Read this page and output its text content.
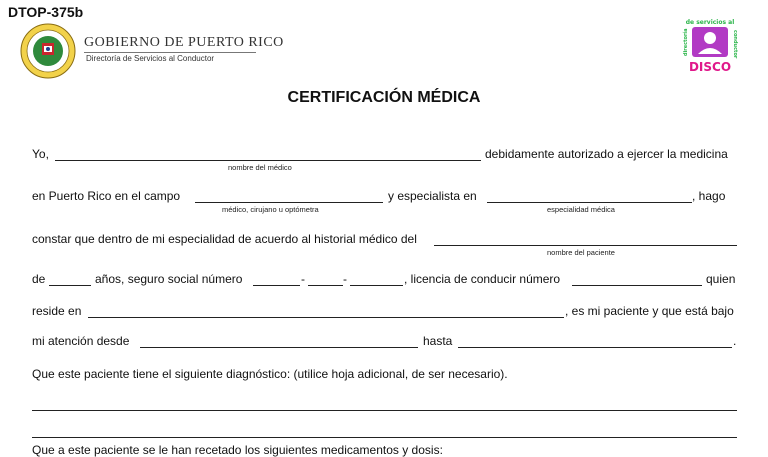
DTOP-375b
GOBIERNO DE PUERTO RICO
Directoría de Servicios al Conductor
de servicios al
directoría	conductor
DISCO
CERTIFICACIÓN MÉDICA
Yo,
nombre del médico
debidamente autorizado a ejercer la medicina
en Puerto Rico en el campo
médico, cirujano u optómetra
y especialista en
especialidad médica
, hago
constar que dentro de mi especialidad de acuerdo al historial médico del
nombre del paciente
de	años, seguro social número	-	-	, licencia de conducir número	quien
reside en	, es mi paciente y que está bajo
mi atención desde	hasta	.
Que este paciente tiene el siguiente diagnóstico: (utilice hoja adicional, de ser necesario).
Que a este paciente se le han recetado los siguientes medicamentos y dosis:
